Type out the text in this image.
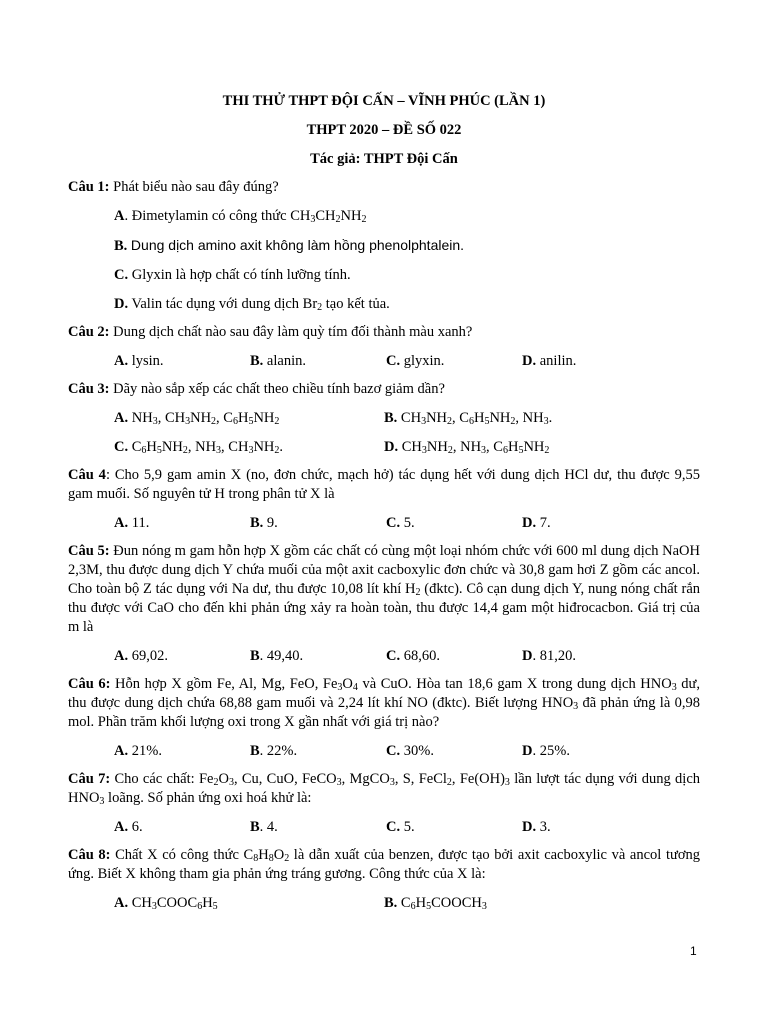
THI THỬ THPT ĐỘI CẤN – VĨNH PHÚC (LẦN 1)

THPT 2020 – ĐỀ SỐ 022

Tác giả: THPT Đội Cấn

Câu 1: Phát biểu nào sau đây đúng?
A. Đimetylamin có công thức $CH_3CH_2NH_2$
B. Dung dịch amino axit không làm hồng phenolphtalein.
C. Glyxin là hợp chất có tính lưỡng tính.
D. Valin tác dụng với dung dịch $Br_2$ tạo kết tủa.
Câu 2: Dung dịch chất nào sau đây làm quỳ tím đối thành màu xanh?
A. lysin.	B. alanin.	C. glyxin.	D. anilin.
Câu 3: Dãy nào sắp xếp các chất theo chiều tính bazơ giảm dần?
A. $NH_3$, $CH_3NH_2$, $C_6H_5NH_2$	B. $CH_3NH_2$, $C_6H_5NH_2$, $NH_3$.
C. $C_6H_5NH_2$, $NH_3$, $CH_3NH_2$.	D. $CH_3NH_2$, $NH_3$, $C_6H_5NH_2$
Câu 4: Cho 5,9 gam amin X (no, đơn chức, mạch hở) tác dụng hết với dung dịch HCl dư, thu được 9,55 gam muối. Số nguyên tử H trong phân tử X là
A. 11.	B. 9.	C. 5.	D. 7.
Câu 5: Đun nóng m gam hỗn hợp X gồm các chất có cùng một loại nhóm chức với 600 ml dung dịch NaOH 2,3M, thu được dung dịch Y chứa muối của một axit cacboxylic đơn chức và 30,8 gam hơi Z gồm các ancol. Cho toàn bộ Z tác dụng với Na dư, thu được 10,08 lít khí $H_2$ (đktc). Cô cạn dung dịch Y, nung nóng chất rắn thu được với CaO cho đến khi phản ứng xảy ra hoàn toàn, thu được 14,4 gam một hiđrocacbon. Giá trị của m là
A. 69,02.	B. 49,40.	C. 68,60.	D. 81,20.
Câu 6: Hỗn hợp X gồm Fe, Al, Mg, FeO, $Fe_3O_4$ và CuO. Hòa tan 18,6 gam X trong dung dịch $HNO_3$ dư, thu được dung dịch chứa 68,88 gam muối và 2,24 lít khí NO (đktc). Biết lượng $HNO_3$ đã phản ứng là 0,98 mol. Phần trăm khối lượng oxi trong X gần nhất với giá trị nào?
A. 21%.	B. 22%.	C. 30%.	D. 25%.
Câu 7: Cho các chất: $Fe_2O_3$, Cu, CuO, FeCO$_3$, MgCO$_3$, S, FeCl$_2$, $Fe(OH)_3$ lần lượt tác dụng với dung dịch $HNO_3$ loãng. Số phản ứng oxi hoá khử là:
A. 6.	B. 4.	C. 5.	D. 3.
Câu 8: Chất X có công thức $C_8H_8O_2$ là dẫn xuất của benzen, được tạo bởi axit cacboxylic và ancol tương ứng. Biết X không tham gia phản ứng tráng gương. Công thức của X là:
A. $CH_3COOC_6H_5$	B. $C_6H_5COOCH_3$
1
